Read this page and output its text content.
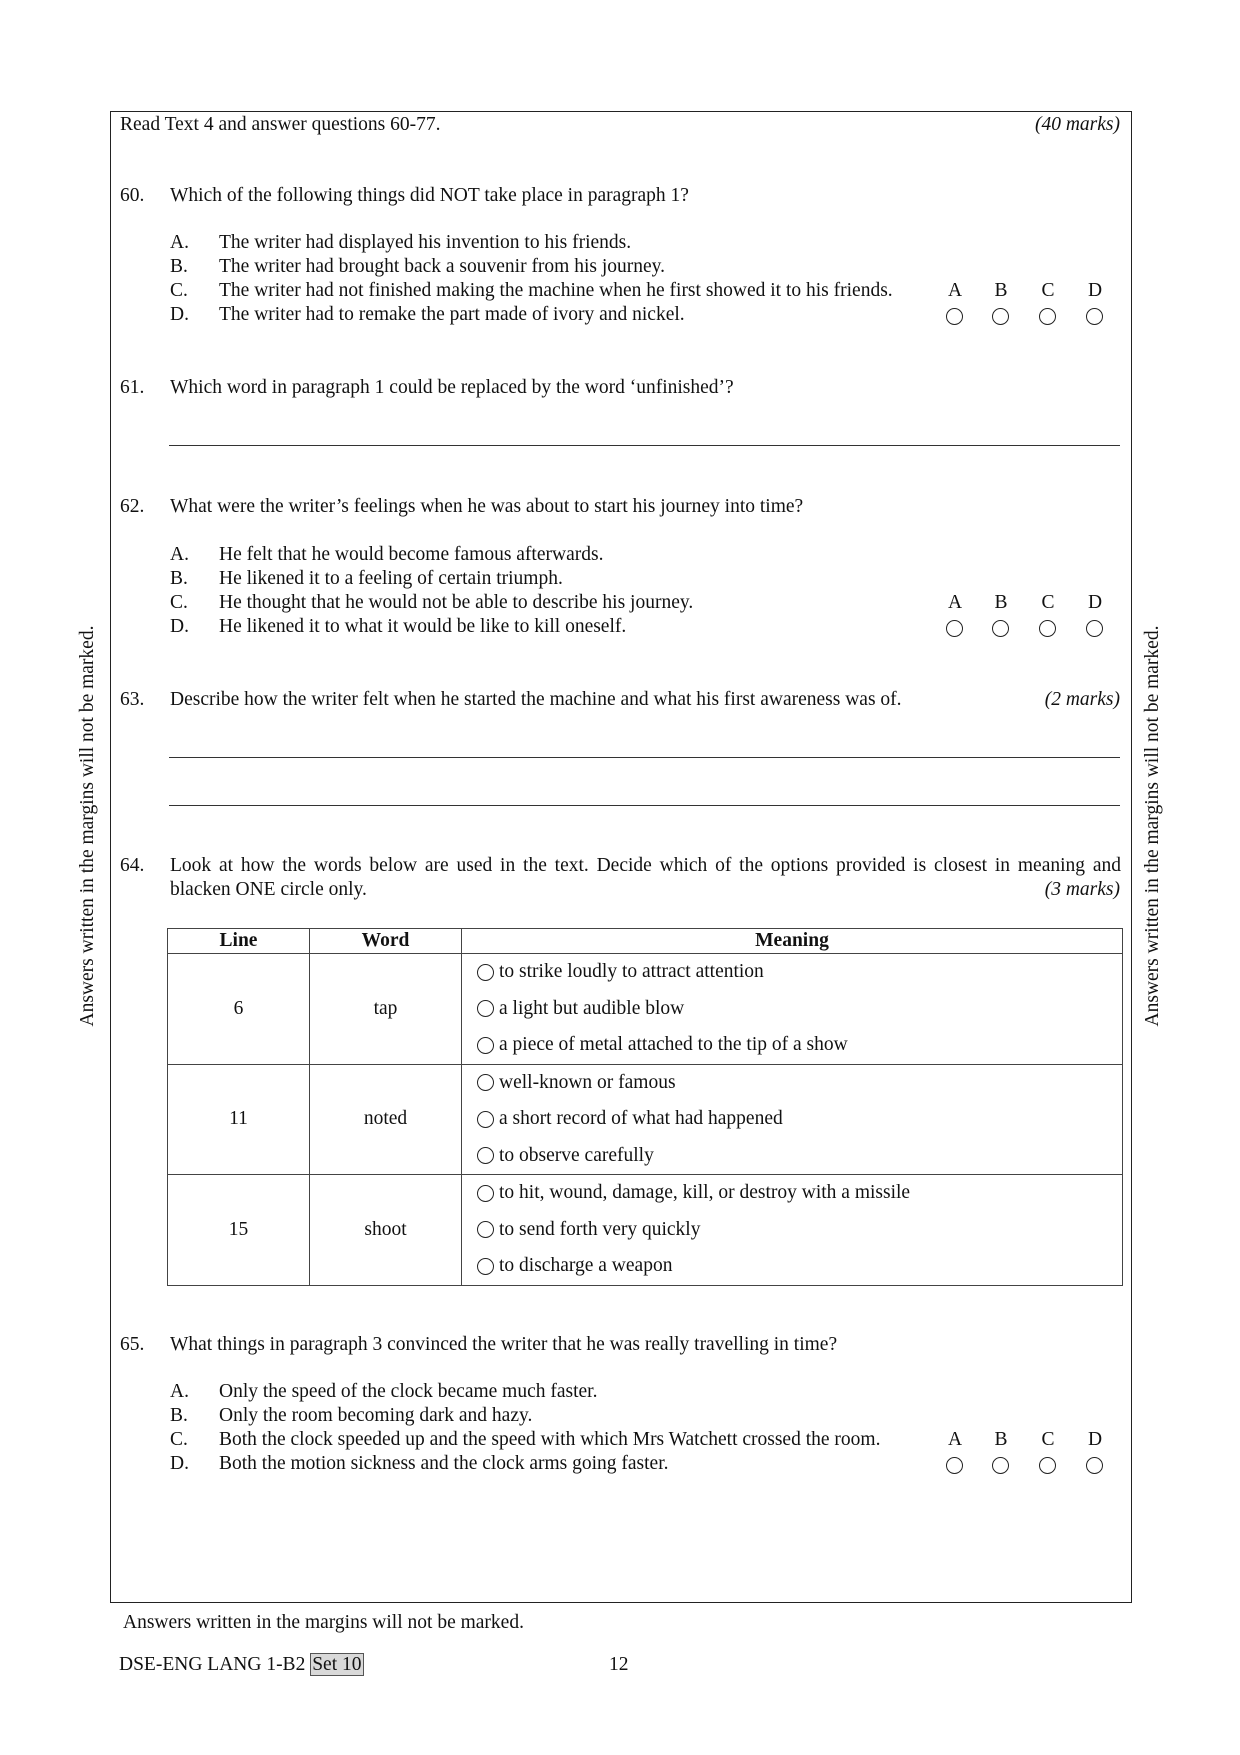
Answers written in the margins will not be marked.	Answers written in the margins will not be marked.
Read Text 4 and answer questions 60-77.	(40 marks)
60. Which of the following things did NOT take place in paragraph 1?
A. The writer had displayed his invention to his friends.
B. The writer had brought back a souvenir from his journey.
C. The writer had not finished making the machine when he first showed it to his friends.
D. The writer had to remake the part made of ivory and nickel.
A B C D
61. Which word in paragraph 1 could be replaced by the word ‘unfinished’?
62. What were the writer’s feelings when he was about to start his journey into time?
A. He felt that he would become famous afterwards.
B. He likened it to a feeling of certain triumph.
C. He thought that he would not be able to describe his journey.
D. He likened it to what it would be like to kill oneself.
A B C D
63. Describe how the writer felt when he started the machine and what his first awareness was of.	(2 marks)
64. Look at how the words below are used in the text. Decide which of the options provided is closest in meaning and
blacken ONE circle only.	(3 marks)
Line	Word	Meaning
6	tap	to strike loudly to attract attention
a light but audible blow
a piece of metal attached to the tip of a show

11	noted	well-known or famous
a short record of what had happened
to observe carefully

15	shoot	to hit, wound, damage, kill, or destroy with a missile
to send forth very quickly
to discharge a weapon
65. What things in paragraph 3 convinced the writer that he was really travelling in time?
A. Only the speed of the clock became much faster.
B. Only the room becoming dark and hazy.
C. Both the clock speeded up and the speed with which Mrs Watchett crossed the room.
D. Both the motion sickness and the clock arms going faster.
A B C D
Answers written in the margins will not be marked.
DSE-ENG LANG 1-B2 Set 10	12
